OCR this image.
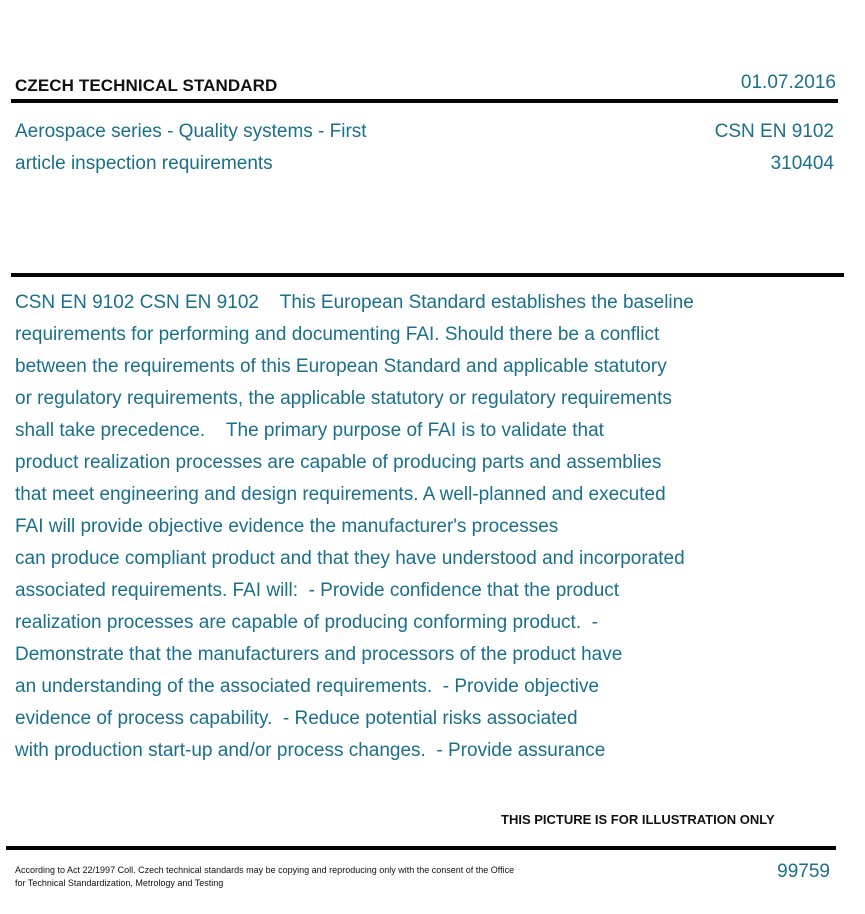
CZECH TECHNICAL STANDARD	01.07.2016
Aerospace series - Quality systems - First
article inspection requirements
CSN EN 9102
310404
CSN EN 9102 CSN EN 9102    This European Standard establishes the baseline
requirements for performing and documenting FAI. Should there be a conflict
between the requirements of this European Standard and applicable statutory
or regulatory requirements, the applicable statutory or regulatory requirements
shall take precedence.    The primary purpose of FAI is to validate that
product realization processes are capable of producing parts and assemblies
that meet engineering and design requirements. A well-planned and executed
FAI will provide objective evidence the manufacturer's processes
can produce compliant product and that they have understood and incorporated
associated requirements. FAI will:  - Provide confidence that the product
realization processes are capable of producing conforming product.  -
Demonstrate that the manufacturers and processors of the product have
an understanding of the associated requirements.  - Provide objective
evidence of process capability.  - Reduce potential risks associated
with production start-up and/or process changes.  - Provide assurance
THIS PICTURE IS FOR ILLUSTRATION ONLY
According to Act 22/1997 Coll. Czech technical standards may be copying and reproducing only with the consent of the Office
for Technical Standardization, Metrology and Testing
99759
